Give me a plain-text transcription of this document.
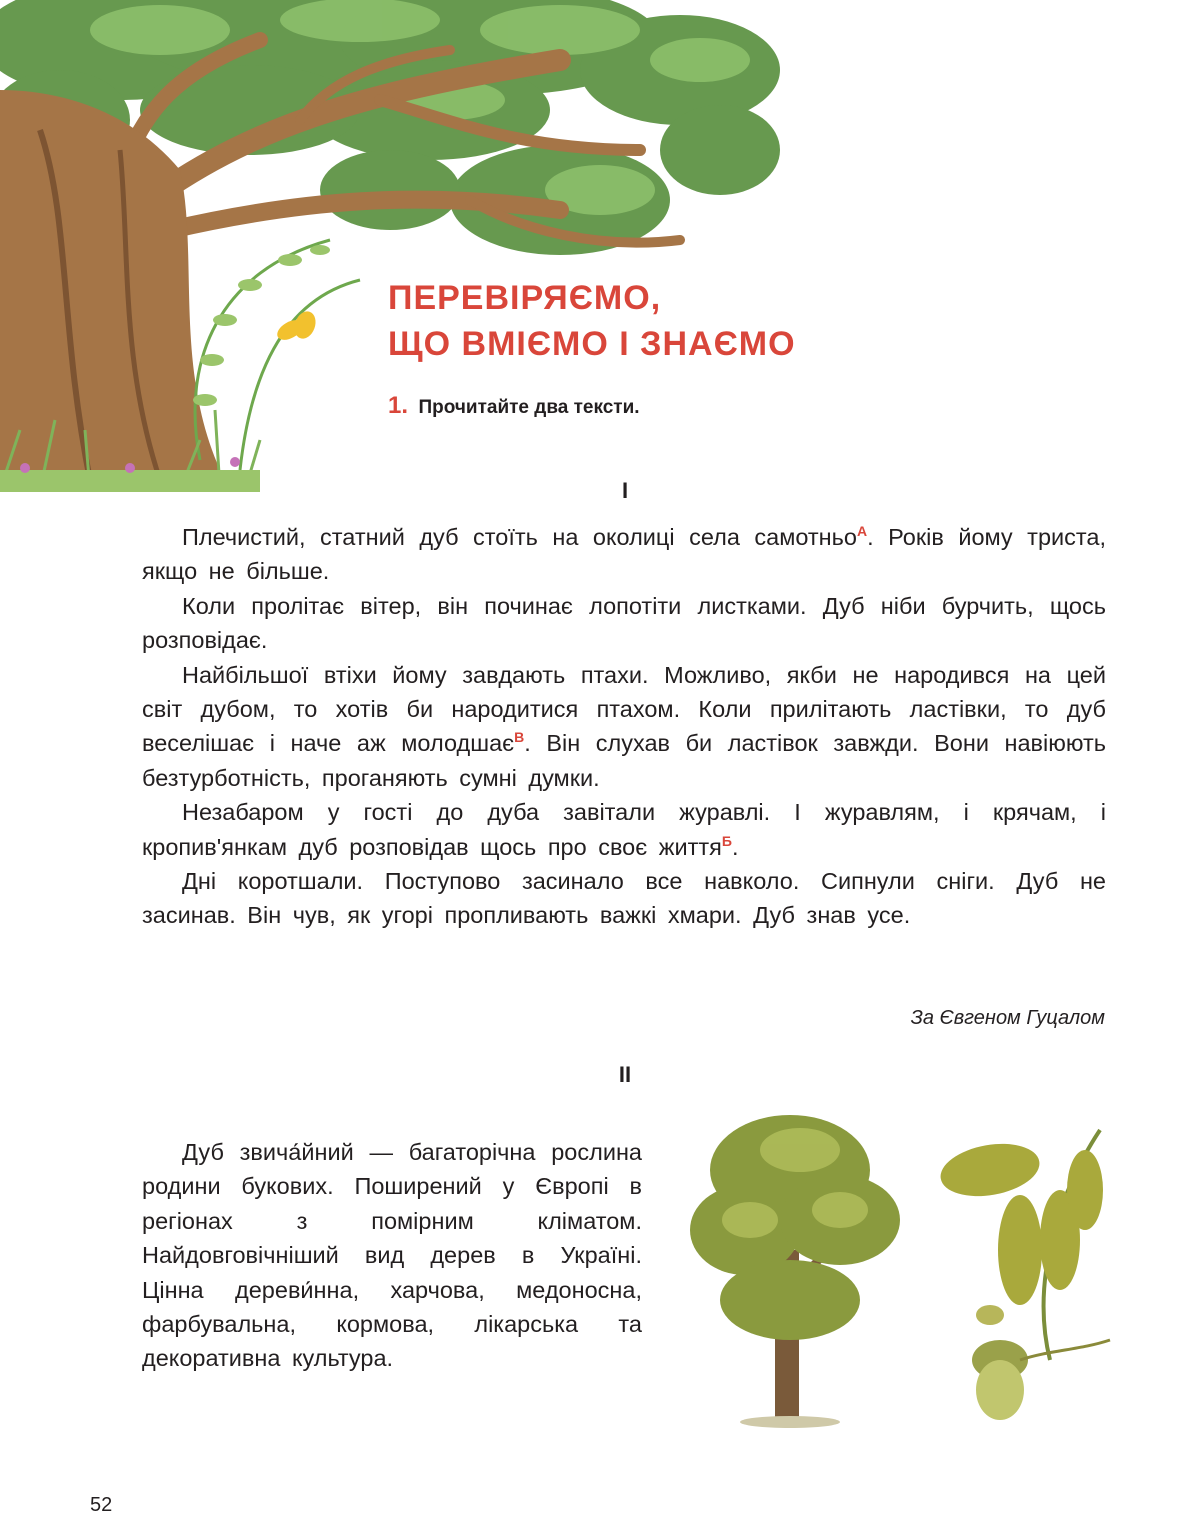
ПЕРЕВІРЯЄМО,
ЩО ВМІЄМО І ЗНАЄМО
1. Прочитайте два тексти.
I

Плечистий, статний дуб стоїть на околиці села самотньо$^А$. Років йому триста, якщо не більше.

Коли пролітає вітер, він починає лопотіти листками. Дуб ніби бурчить, щось розповідає.

Найбільшої втіхи йому завдають птахи. Можливо, якби не народився на цей світ дубом, то хотів би народитися птахом. Коли прилітають ластівки, то дуб веселішає і наче аж молодшає$^В$. Він слухав би ластівок завжди. Вони навіюють безтурботність, проганяють сумні думки.

Незабаром у гості до дуба завітали журавлі. І журавлям, і крячам, і кропив'янкам дуб розповідав щось про своє життя$^Б$.

Дні коротшали. Поступово засинало все навколо. Сипнули сніги. Дуб не засинав. Він чув, як угорі пропливають важкі хмари. Дуб знав усе.

За Євгеном Гуцалом
II

Дуб звича́йний — багаторічна рослина родини букових. Поширений у Європі в регіонах з помірним кліматом. Найдовговічніший вид дерев в Україні. Цінна дереви́нна, харчова, медоносна, фарбувальна, кормова, лікарська та декоративна культура.

52
